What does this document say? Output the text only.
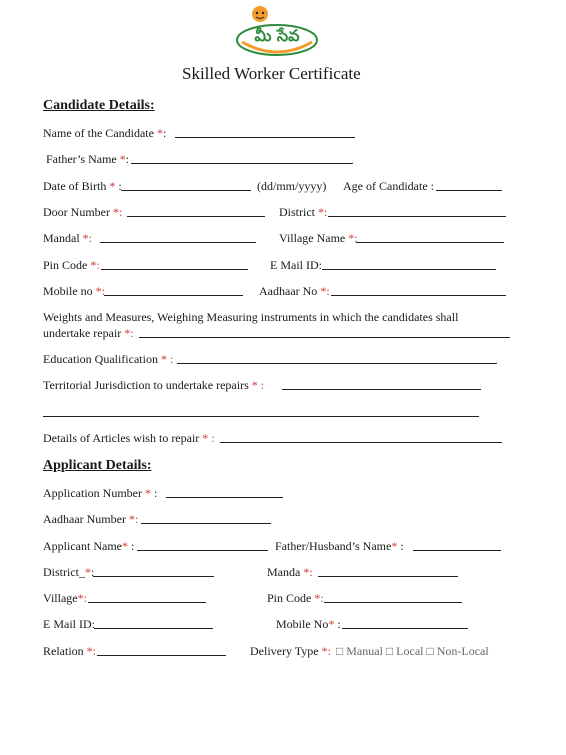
మీ సేవ
Skilled Worker Certificate
Candidate Details:
Name of the Candidate *:
Father’s Name *:
Date of Birth * :	(dd/mm/yyyy) Age of Candidate :
Door Number *:	District *:
Mandal *:	Village Name *:
Pin Code *:	E Mail ID:
Mobile no *:	Aadhaar No *:
Weights and Measures, Weighing Measuring instruments in which the candidates shall
undertake repair *:
Education Qualification * :
Territorial Jurisdiction to undertake repairs * :
Details of Articles wish to repair * :
Applicant Details:
Application Number * :
Aadhaar Number *:
Applicant Name* :	Father/Husband’s Name* :
District_*:	Manda *:
Village*:	Pin Code *:
E Mail ID:	Mobile No* :
Relation *:	Delivery Type *: □ Manual □ Local □ Non-Local
